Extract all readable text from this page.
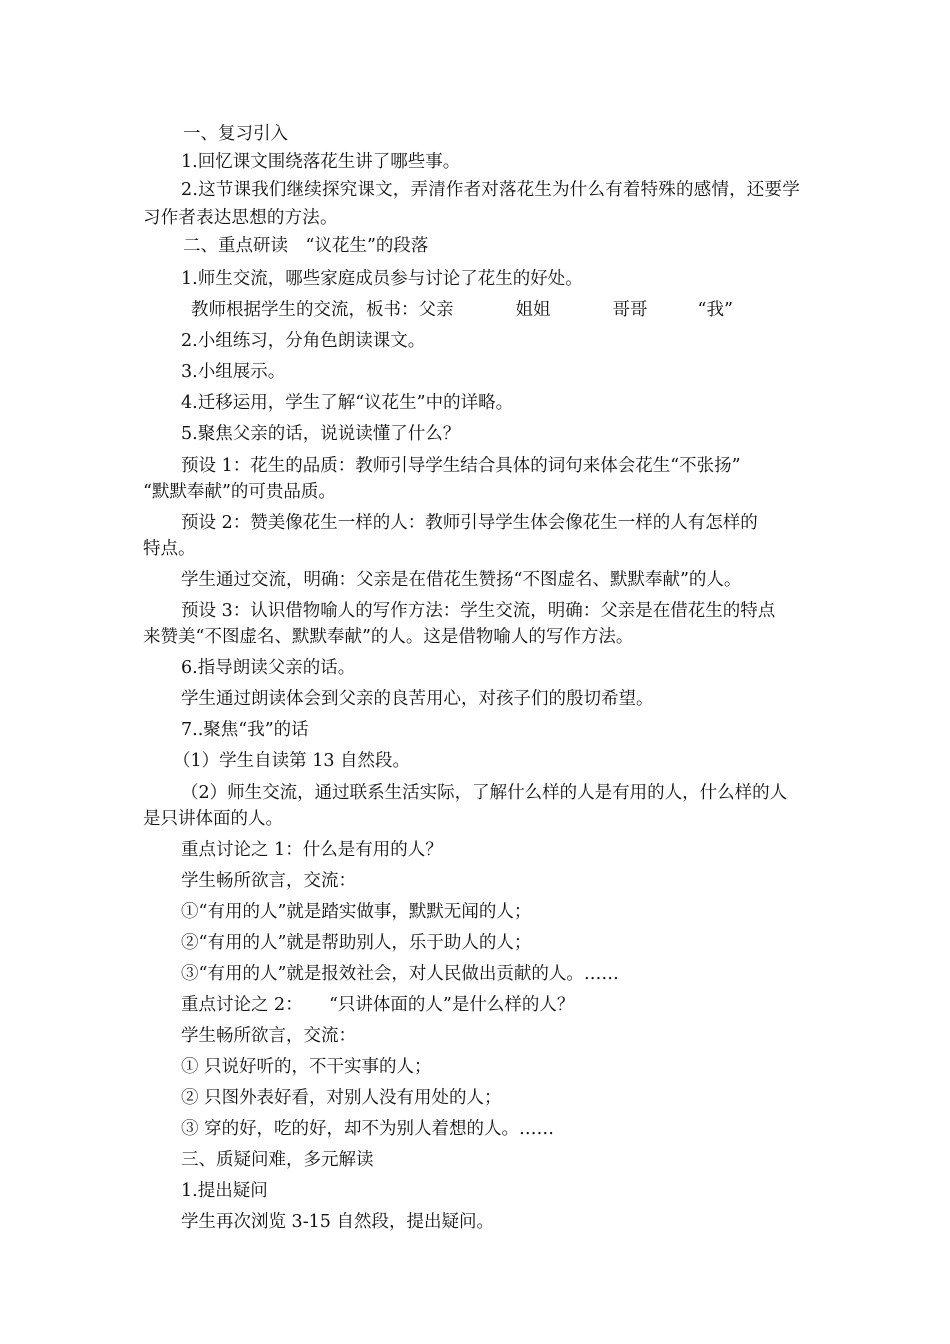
一、复习引入
1.回忆课文围绕落花生讲了哪些事。
2.这节课我们继续探究课文，弄清作者对落花生为什么有着特殊的感情，还要学习作者表达思想的方法。
二、重点研读　“议花生”的段落
1.师生交流，哪些家庭成员参与讨论了花生的好处。
教师根据学生的交流，板书：父亲	姐姐	哥哥	“我”
2.小组练习，分角色朗读课文。
3.小组展示。
4.迁移运用，学生了解“议花生”中的详略。
5.聚焦父亲的话，说说读懂了什么？
预设 1：花生的品质：教师引导学生结合具体的词句来体会花生“不张扬”
“默默奉献”的可贵品质。
预设 2：赞美像花生一样的人：教师引导学生体会像花生一样的人有怎样的
特点。
学生通过交流，明确：父亲是在借花生赞扬“不图虚名、默默奉献”的人。
预设 3：认识借物喻人的写作方法：学生交流，明确：父亲是在借花生的特点
来赞美“不图虚名、默默奉献”的人。这是借物喻人的写作方法。
6.指导朗读父亲的话。
学生通过朗读体会到父亲的良苦用心，对孩子们的殷切希望。
7..聚焦“我”的话
（1）学生自读第 13 自然段。
（2）师生交流，通过联系生活实际，了解什么样的人是有用的人，什么样的人
是只讲体面的人。
重点讨论之 1：什么是有用的人？
学生畅所欲言，交流：
①“有用的人”就是踏实做事，默默无闻的人；
②“有用的人”就是帮助别人，乐于助人的人；
③“有用的人”就是报效社会，对人民做出贡献的人。……
重点讨论之 2：　　“只讲体面的人”是什么样的人？
学生畅所欲言，交流：
① 只说好听的，不干实事的人；
② 只图外表好看，对别人没有用处的人；
③ 穿的好，吃的好，却不为别人着想的人。……
三、质疑问难，多元解读
1.提出疑问
学生再次浏览 3-15 自然段，提出疑问。
